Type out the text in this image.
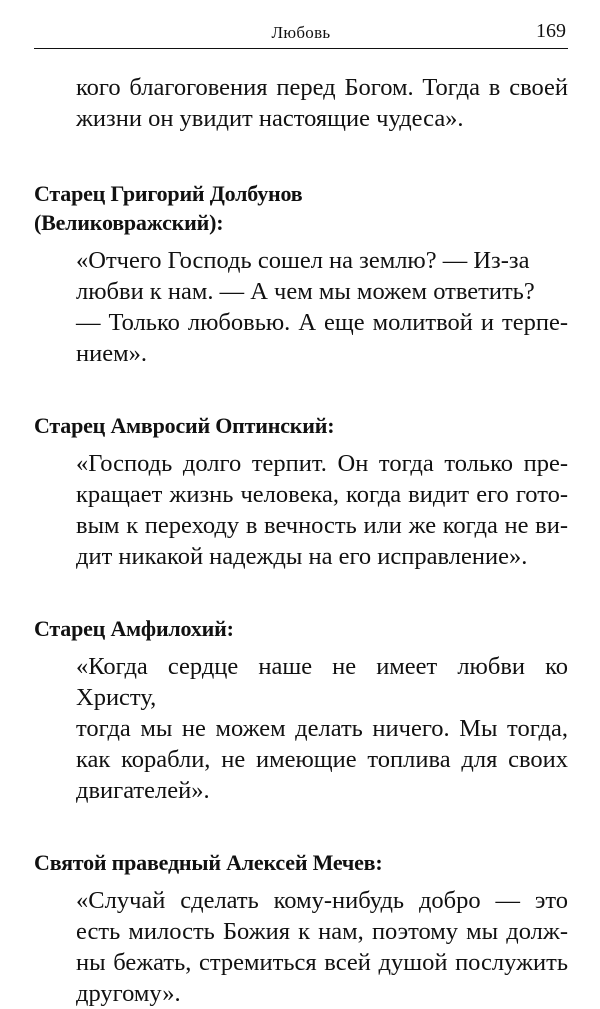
Любовь	169

кого благоговения перед Богом. Тогда в своей
жизни он увидит настоящие чудеса».

Старец Григорий Долбунов
(Великовражский):

«Отчего Господь сошел на землю? — Из-за любви к нам. — А чем мы можем ответить?
— Только любовью. А еще молитвой и терпе-
нием».

Старец Амвросий Оптинский:

«Господь долго терпит. Он тогда только пре-
кращает жизнь человека, когда видит его гото-
вым к переходу в вечность или же когда не ви-
дит никакой надежды на его исправление».

Старец Амфилохий:

«Когда сердце наше не имеет любви ко Христу,
тогда мы не можем делать ничего. Мы тогда,
как корабли, не имеющие топлива для своих
двигателей».

Святой праведный Алексей Мечев:

«Случай сделать кому-нибудь добро — это
есть милость Божия к нам, поэтому мы долж-
ны бежать, стремиться всей душой послужить
другому».
